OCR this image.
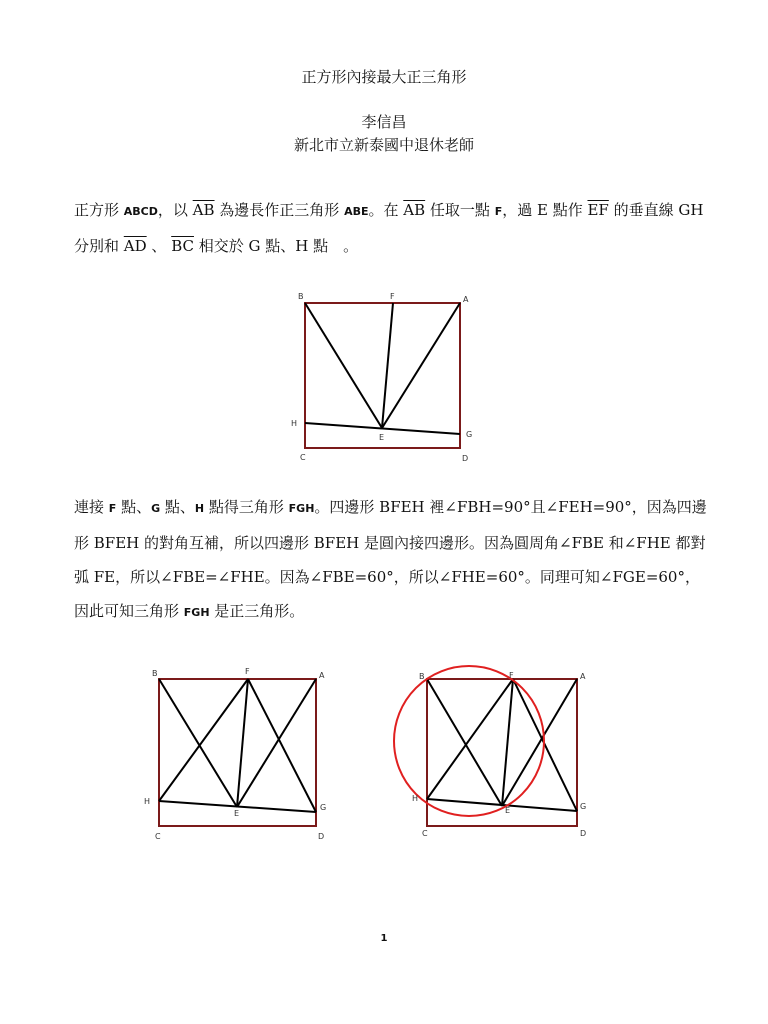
正方形內接最大正三角形
李信昌
新北市立新泰國中退休老師
正方形 ABCD，以 $\overline{AB}$ 為邊長作正三角形 ABE。在 $\overline{AB}$ 任取一點 F，過 E 點作 $\overline{EF}$ 的垂直線 GH 分別和 $\overline{AD}$ 、 $\overline{BC}$ 相交於 G 點、H 點　。
B	F	A
H
E	G
C	D
連接 F 點、G 點、H 點得三角形 FGH。四邊形 BFEH 裡∠FBH=90°且∠FEH=90°，因為四邊形 BFEH 的對角互補，所以四邊形 BFEH 是圓內接四邊形。因為圓周角∠FBE 和∠FHE 都對弧 FE，所以∠FBE=∠FHE。因為∠FBE=60°，所以∠FHE=60°。同理可知∠FGE=60°，因此可知三角形 FGH 是正三角形。
B	F	A
H
E
G
C	D
B	F	A
H
E	G
C	D
1
